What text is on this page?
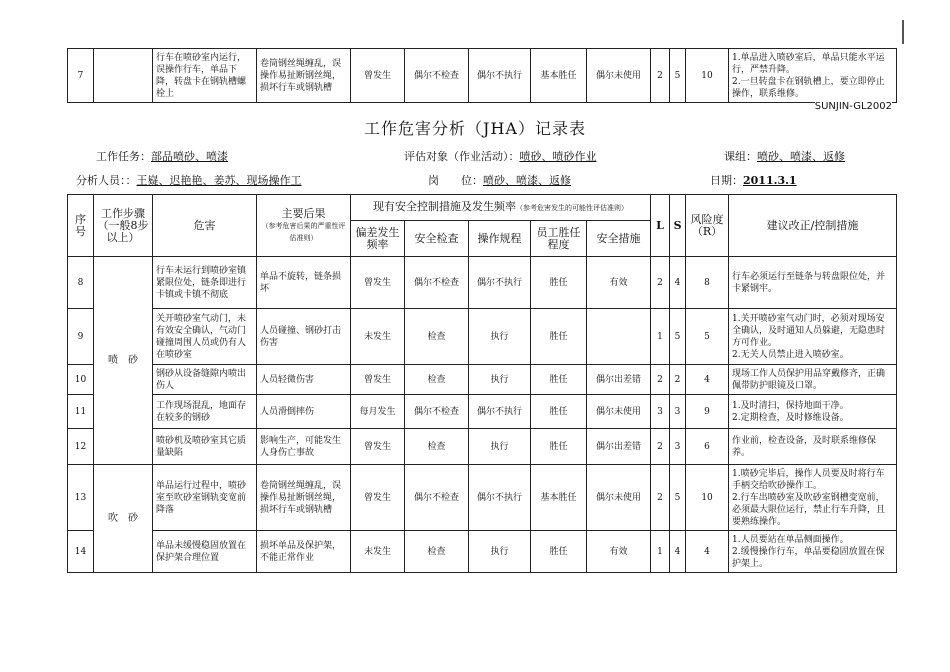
7		行车在喷砂室内运行，误操作行车，单品下降，转盘卡在钢轨槽螺栓上	卷筒钢丝绳缠乱，误操作易扯断钢丝绳，损坏行车或钢轨槽	曾发生	偶尔不检查	偶尔不执行	基本胜任	偶尔未使用	2	5	10	1.单品进入喷砂室后，单品只能水平运行，严禁升降。
2.一旦转盘卡在钢轨槽上，要立即停止操作，联系维修。
SUNJIN-GL2002
工作危害分析（JHA）记录表
工作任务：部品喷砂、喷漆	评估对象（作业活动）：喷砂、喷砂作业	课组：喷砂、喷漆、返修
分析人员：：王嶷、迟艳艳、姜苏、现场操作工	岗　　位：喷砂、喷漆、返修	日期：2011.3.1
序号	工作步骤（一般8步以上）	危害	主要后果
（参考危害后果的严重性评估准则）	现有安全控制措施及发生频率（参考危害发生的可能性评估准则）					L	S	风险度（R）	建议改正/控制措施
				偏差发生频率	安全检查	操作规程	员工胜任程度	安全措施				
8	喷　砂	行车未运行到喷砂室镇紧限位处，链条即进行卡镇或卡镇不彻底	单品不旋转，链条损坏	曾发生	偶尔不检查	偶尔不执行	胜任	有效	2	4	8	行车必须运行至链条与转盘限位处，并卡紧钢牢。
9		关开喷砂室气动门，未有效安全确认，气动门碰撞周围人员或仍有人在喷砂室	人员碰撞、钢砂打击伤害	未发生	检查	执行	胜任		1	5	5	1.关开喷砂室气动门时，必须对现场安全确认，及时通知人员躲避，无隐患时方可作业。
2.无关人员禁止进入喷砂室。
10		钢砂从设备缝隙内喷出伤人	人员轻微伤害	曾发生	检查	执行	胜任	偶尔出差错	2	2	4	现场工作人员保护用品穿戴修齐，正确佩带防护眼镜及口罩。
11		工作现场混乱，地面存在较多的钢砂	人员滑倒摔伤	每月发生	偶尔不检查	偶尔不执行	胜任	偶尔未使用	3	3	9	1.及时清扫，保持地面干净。
2.定期检查，及时修维设备。
12		喷砂机及喷砂室其它质量缺陷	影响生产，可能发生人身伤亡事故	曾发生	检查	执行	胜任	偶尔出差错	2	3	6	作业前，检查设备，及时联系维修保养。
13	吹　砂	单品运行过程中，喷砂室至吹砂室钢轨变宽前降落	卷筒钢丝绳缠乱，误操作易扯断钢丝绳，损坏行车或钢轨槽	曾发生	偶尔不检查	偶尔不执行	基本胜任	偶尔未使用	2	5	10	1.喷砂完毕后，操作人员要及时将行车手柄交给吹砂操作工。
2.行车出喷砂室及吹砂室钢槽变宽前，必须最大限位运行，禁止行车升降，且要熟练操作。
14		单品未缓慢稳固放置在保护架合理位置	损坏单品及保护架，不能正常作业	未发生	检查	执行	胜任	有效	1	4	4	1.人员要站在单品侧面操作。
2.缓慢操作行车，单品要稳固放置在保护架上。
